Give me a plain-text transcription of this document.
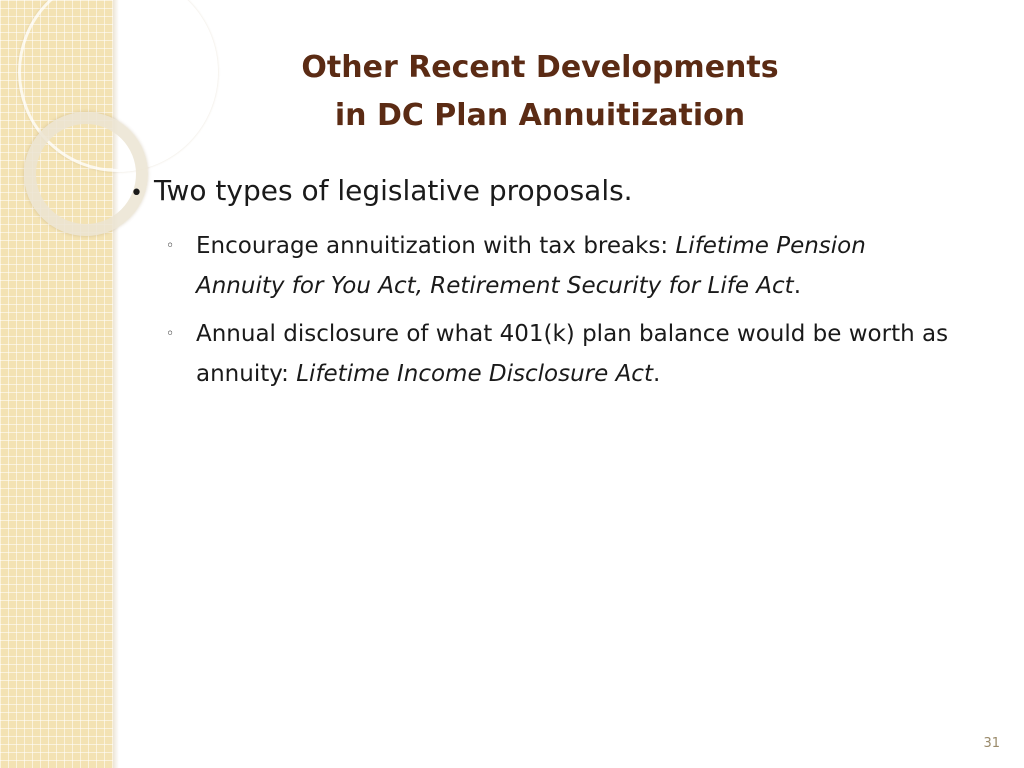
Other Recent Developments
in DC Plan Annuitization
• Two types of legislative proposals.
◦ Encourage annuitization with tax breaks: Lifetime Pension Annuity for You Act, Retirement Security for Life Act.
◦ Annual disclosure of what 401(k) plan balance would be worth as annuity: Lifetime Income Disclosure Act.
31
